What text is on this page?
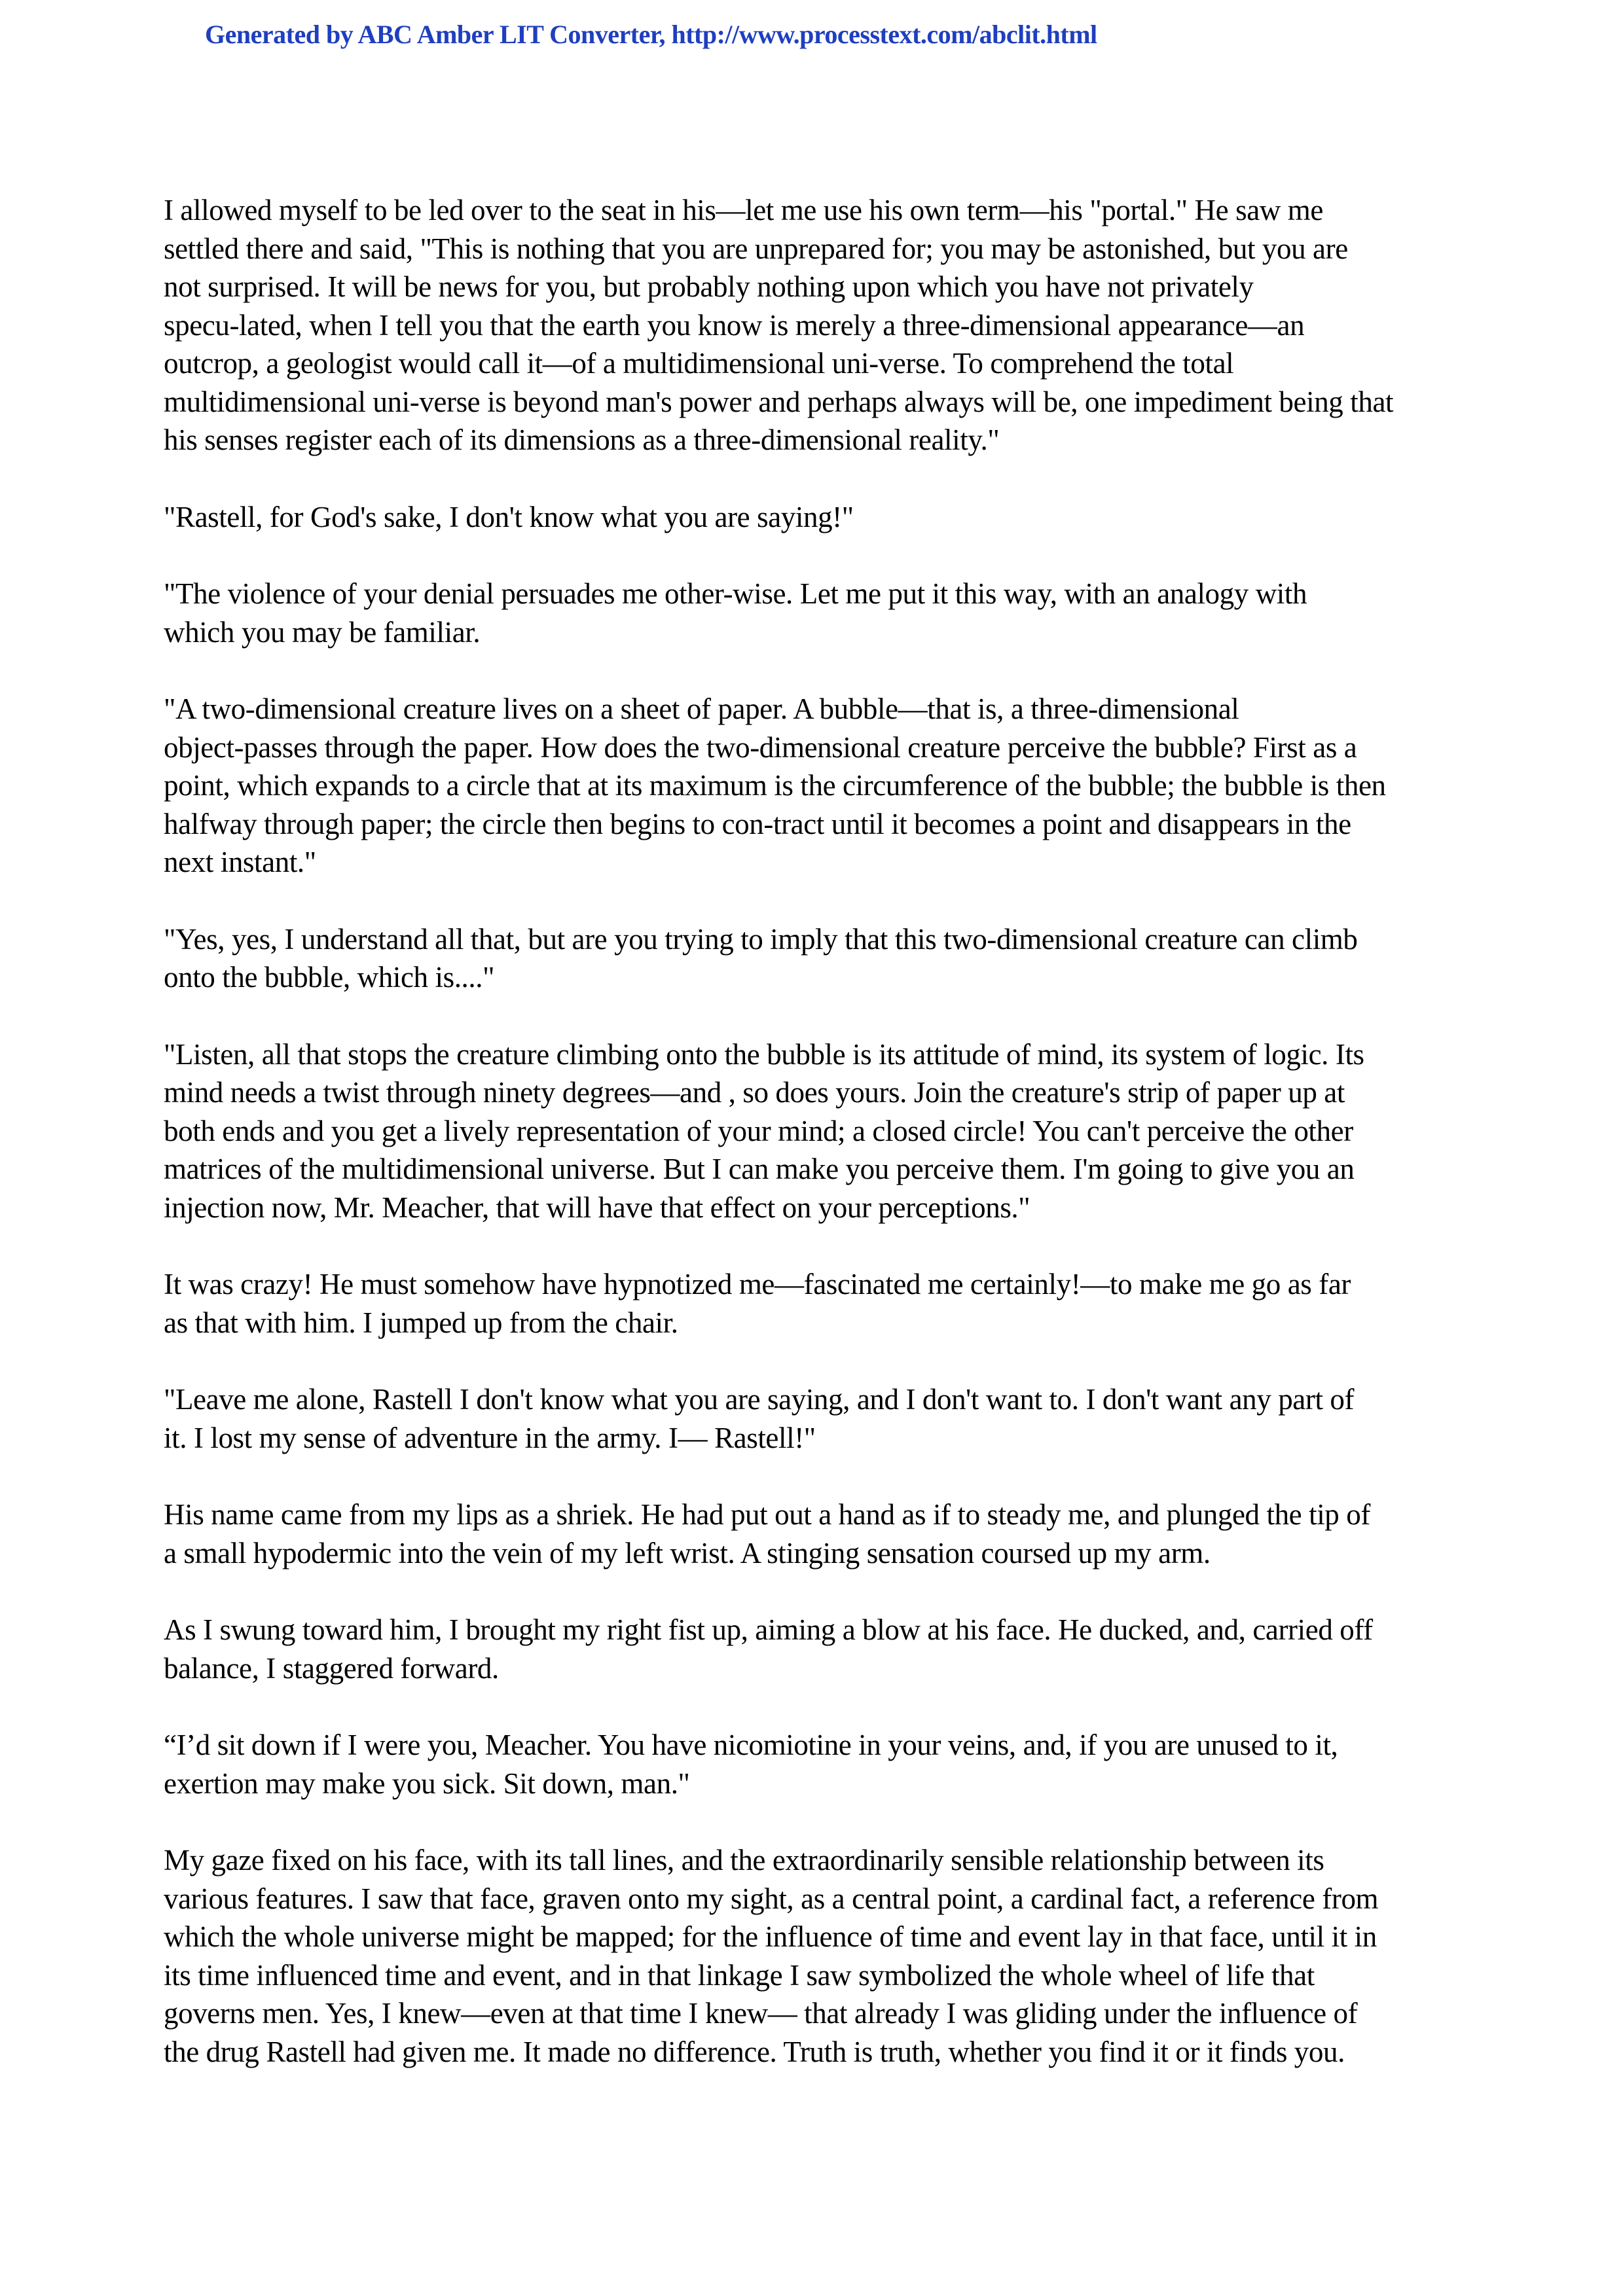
Generated by ABC Amber LIT Converter, http://www.processtext.com/abclit.html

I allowed myself to be led over to the seat in his—let me use his own term—his "portal." He saw me
settled there and said, "This is nothing that you are unprepared for; you may be astonished, but you are
not surprised. It will be news for you, but probably nothing upon which you have not privately
specu-lated, when I tell you that the earth you know is merely a three-dimensional appearance—an
outcrop, a geologist would call it—of a multidimensional uni-verse. To comprehend the total
multidimensional uni-verse is beyond man's power and perhaps always will be, one impediment being that
his senses register each of its dimensions as a three-dimensional reality."

"Rastell, for God's sake, I don't know what you are saying!"

"The violence of your denial persuades me other-wise. Let me put it this way, with an analogy with
which you may be familiar.

"A two-dimensional creature lives on a sheet of paper. A bubble—that is, a three-dimensional
object-passes through the paper. How does the two-dimensional creature perceive the bubble? First as a
point, which expands to a circle that at its maximum is the circumference of the bubble; the bubble is then
halfway through paper; the circle then begins to con-tract until it becomes a point and disappears in the
next instant."

"Yes, yes, I understand all that, but are you trying to imply that this two-dimensional creature can climb
onto the bubble, which is...."

"Listen, all that stops the creature climbing onto the bubble is its attitude of mind, its system of logic. Its
mind needs a twist through ninety degrees—and , so does yours. Join the creature's strip of paper up at
both ends and you get a lively representation of your mind; a closed circle! You can't perceive the other
matrices of the multidimensional universe. But I can make you perceive them. I'm going to give you an
injection now, Mr. Meacher, that will have that effect on your perceptions."

It was crazy! He must somehow have hypnotized me—fascinated me certainly!—to make me go as far
as that with him. I jumped up from the chair.

"Leave me alone, Rastell I don't know what you are saying, and I don't want to. I don't want any part of
it. I lost my sense of adventure in the army. I— Rastell!"

His name came from my lips as a shriek. He had put out a hand as if to steady me, and plunged the tip of
a small hypodermic into the vein of my left wrist. A stinging sensation coursed up my arm.

As I swung toward him, I brought my right fist up, aiming a blow at his face. He ducked, and, carried off
balance, I staggered forward.

“I’d sit down if I were you, Meacher. You have nicomiotine in your veins, and, if you are unused to it,
exertion may make you sick. Sit down, man."

My gaze fixed on his face, with its tall lines, and the extraordinarily sensible relationship between its
various features. I saw that face, graven onto my sight, as a central point, a cardinal fact, a reference from
which the whole universe might be mapped; for the influence of time and event lay in that face, until it in
its time influenced time and event, and in that linkage I saw symbolized the whole wheel of life that
governs men. Yes, I knew—even at that time I knew— that already I was gliding under the influence of
the drug Rastell had given me. It made no difference. Truth is truth, whether you find it or it finds you.
